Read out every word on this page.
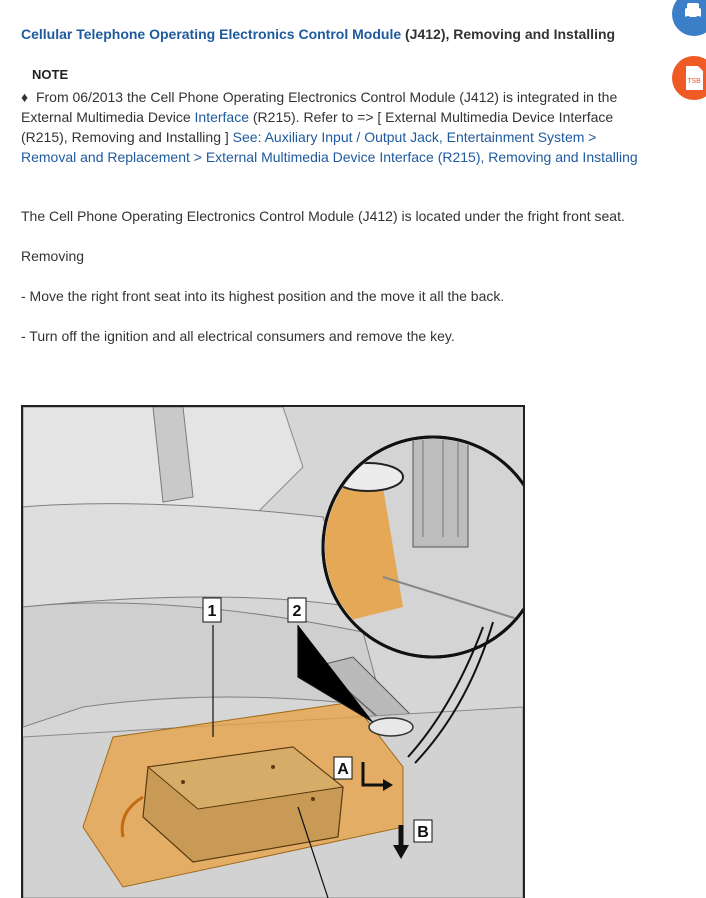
Cellular Telephone Operating Electronics Control Module (J412), Removing and Installing
NOTE
♦ From 06/2013 the Cell Phone Operating Electronics Control Module (J412) is integrated in the External Multimedia Device Interface (R215). Refer to => [ External Multimedia Device Interface (R215), Removing and Installing ] See: Auxiliary Input / Output Jack, Entertainment System > Removal and Replacement > External Multimedia Device Interface (R215), Removing and Installing
The Cell Phone Operating Electronics Control Module (J412) is located under the fright front seat.
Removing
- Move the right front seat into its highest position and the move it all the back.
- Turn off the ignition and all electrical consumers and remove the key.
TSB
1	2
A
B
